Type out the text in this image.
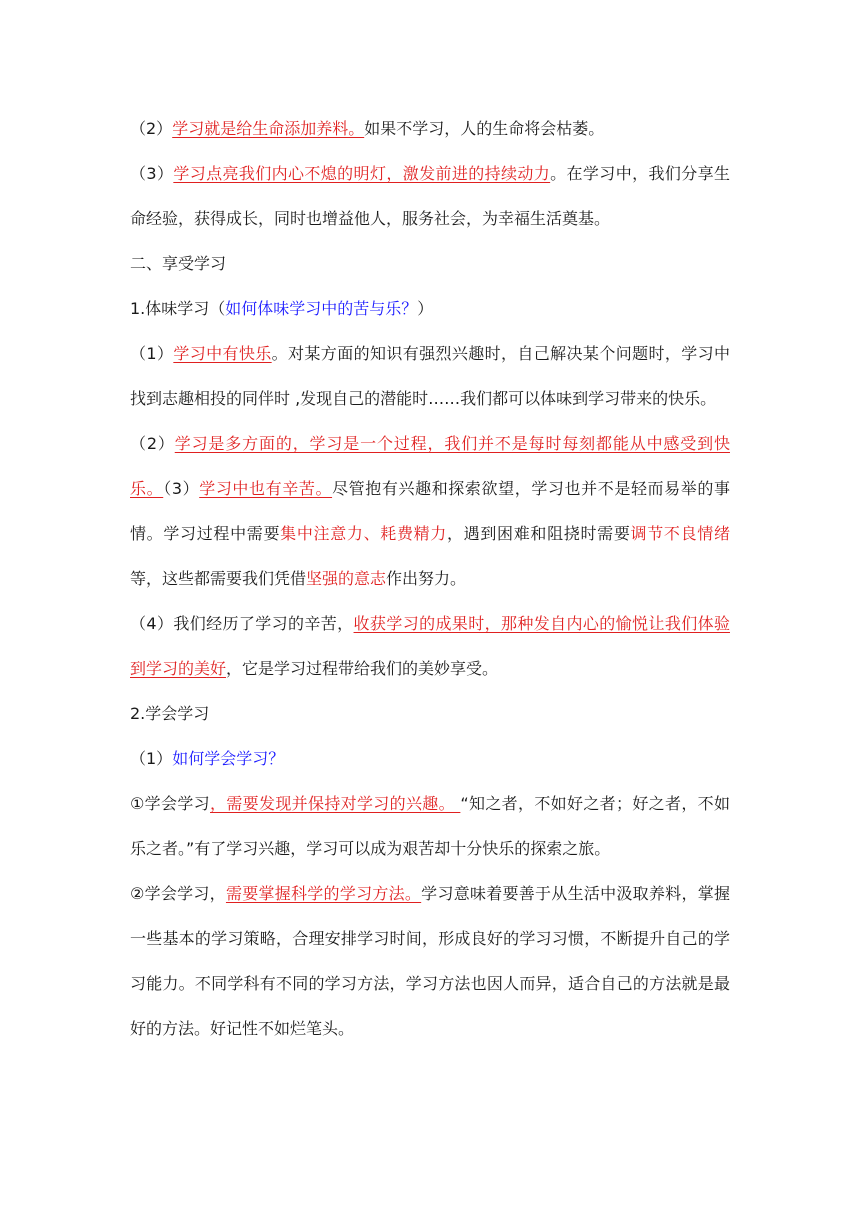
（2）学习就是给生命添加养料。如果不学习，人的生命将会枯萎。

（3）学习点亮我们内心不熄的明灯，激发前进的持续动力。在学习中，我们分享生命经验，获得成长，同时也增益他人，服务社会，为幸福生活奠基。

二、享受学习

1.体味学习（如何体味学习中的苦与乐？）

（1）学习中有快乐。对某方面的知识有强烈兴趣时，自己解决某个问题时，学习中找到志趣相投的同伴时 ,发现自己的潜能时……我们都可以体味到学习带来的快乐。

（2）学习是多方面的，学习是一个过程，我们并不是每时每刻都能从中感受到快乐。（3）学习中也有辛苦。尽管抱有兴趣和探索欲望，学习也并不是轻而易举的事情。学习过程中需要集中注意力、耗费精力，遇到困难和阻挠时需要调节不良情绪等，这些都需要我们凭借坚强的意志作出努力。

（4）我们经历了学习的辛苦，收获学习的成果时，那种发自内心的愉悦让我们体验到学习的美好，它是学习过程带给我们的美妙享受。

2.学会学习

（1）如何学会学习？

①学会学习，需要发现并保持对学习的兴趣。 “知之者，不如好之者；好之者，不如乐之者。”有了学习兴趣，学习可以成为艰苦却十分快乐的探索之旅。

②学会学习，需要掌握科学的学习方法。学习意味着要善于从生活中汲取养料，掌握一些基本的学习策略，合理安排学习时间，形成良好的学习习惯，不断提升自己的学习能力。不同学科有不同的学习方法，学习方法也因人而异，适合自己的方法就是最好的方法。好记性不如烂笔头。
